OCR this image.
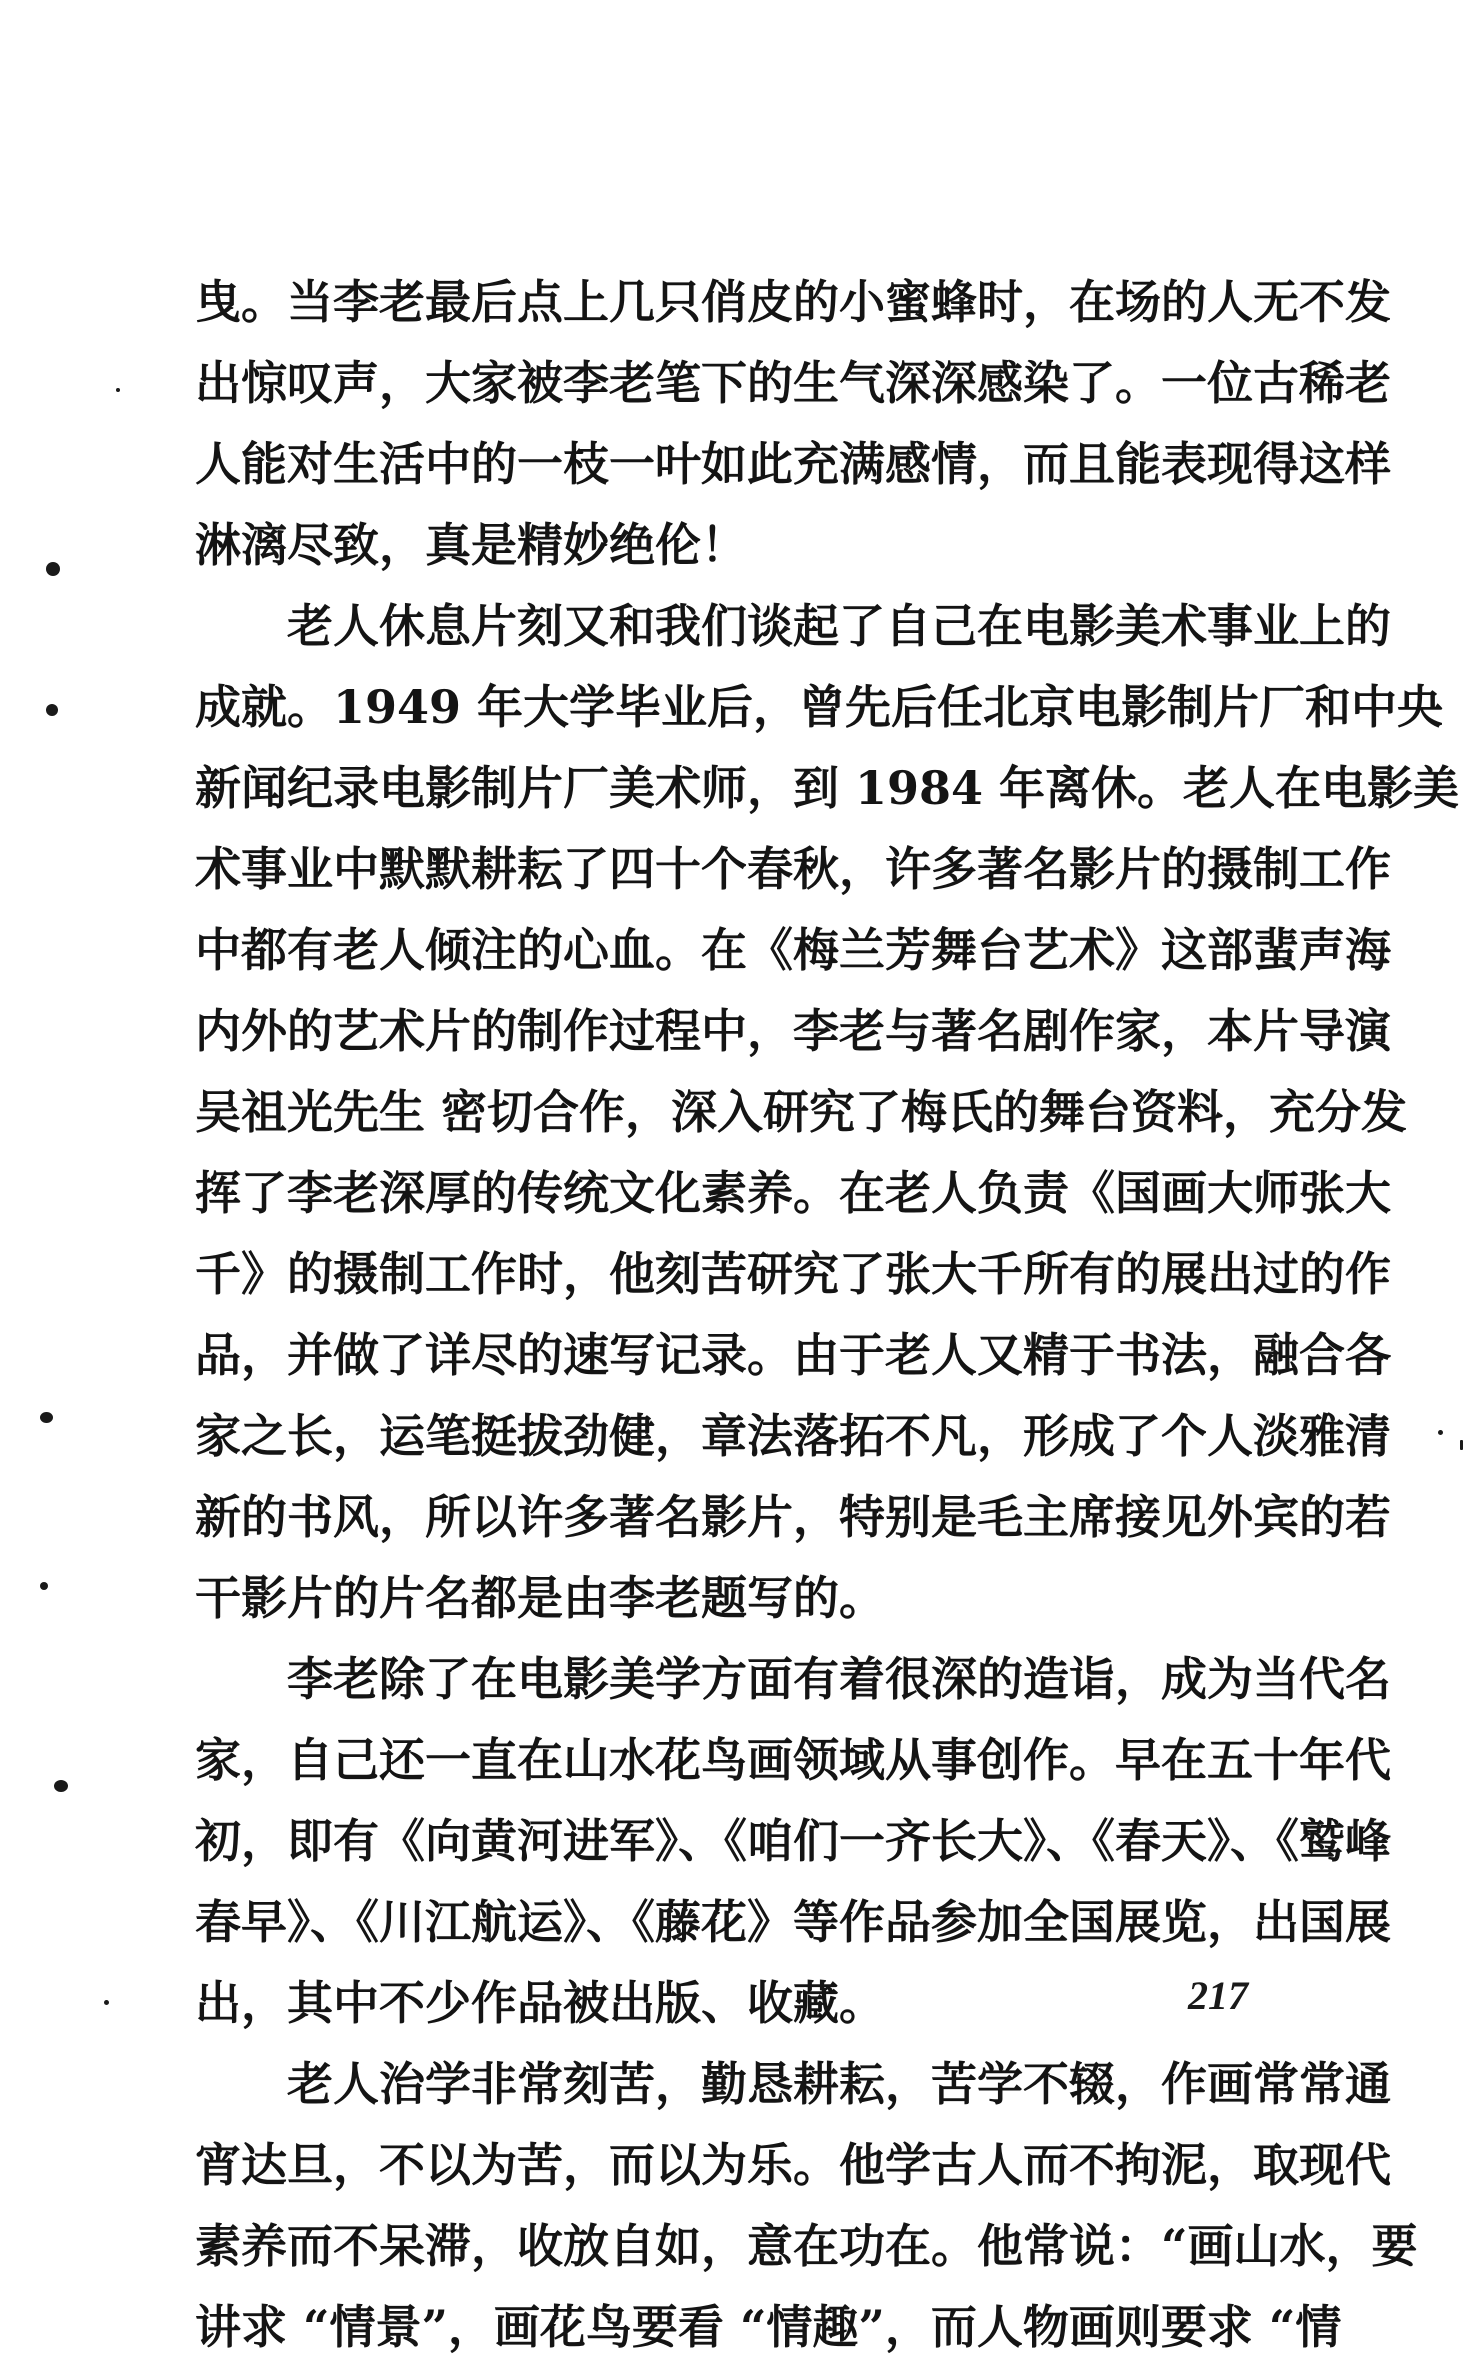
曳。当李老最后点上几只俏皮的小蜜蜂时，在场的人无不发
出惊叹声，大家被李老笔下的生气深深感染了。一位古稀老
人能对生活中的一枝一叶如此充满感情，而且能表现得这样
淋漓尽致，真是精妙绝伦！
老人休息片刻又和我们谈起了自己在电影美术事业上的
成就。1949 年大学毕业后，曾先后任北京电影制片厂和中央
新闻纪录电影制片厂美术师，到 1984 年离休。老人在电影美
术事业中默默耕耘了四十个春秋，许多著名影片的摄制工作
中都有老人倾注的心血。在《梅兰芳舞台艺术》这部蜚声海
内外的艺术片的制作过程中，李老与著名剧作家，本片导演
吴祖光先生 密切合作，深入研究了梅氏的舞台资料，充分发
挥了李老深厚的传统文化素养。在老人负责《国画大师张大
千》的摄制工作时，他刻苦研究了张大千所有的展出过的作
品，并做了详尽的速写记录。由于老人又精于书法，融合各
家之长，运笔挺拔劲健，章法落拓不凡，形成了个人淡雅清
新的书风，所以许多著名影片，特别是毛主席接见外宾的若
干影片的片名都是由李老题写的。
李老除了在电影美学方面有着很深的造诣，成为当代名
家，自己还一直在山水花鸟画领域从事创作。早在五十年代
初，即有《向黄河进军》、《咱们一齐长大》、《春天》、《鹫峰
春早》、《川江航运》、《藤花》等作品参加全国展览，出国展
出，其中不少作品被出版、收藏。
老人治学非常刻苦，勤恳耕耘，苦学不辍，作画常常通
宵达旦，不以为苦，而以为乐。他学古人而不拘泥，取现代
素养而不呆滞，收放自如，意在功在。他常说：“画山水，要
讲求 “情景”，画花鸟要看 “情趣”，而人物画则要求 “情
217
